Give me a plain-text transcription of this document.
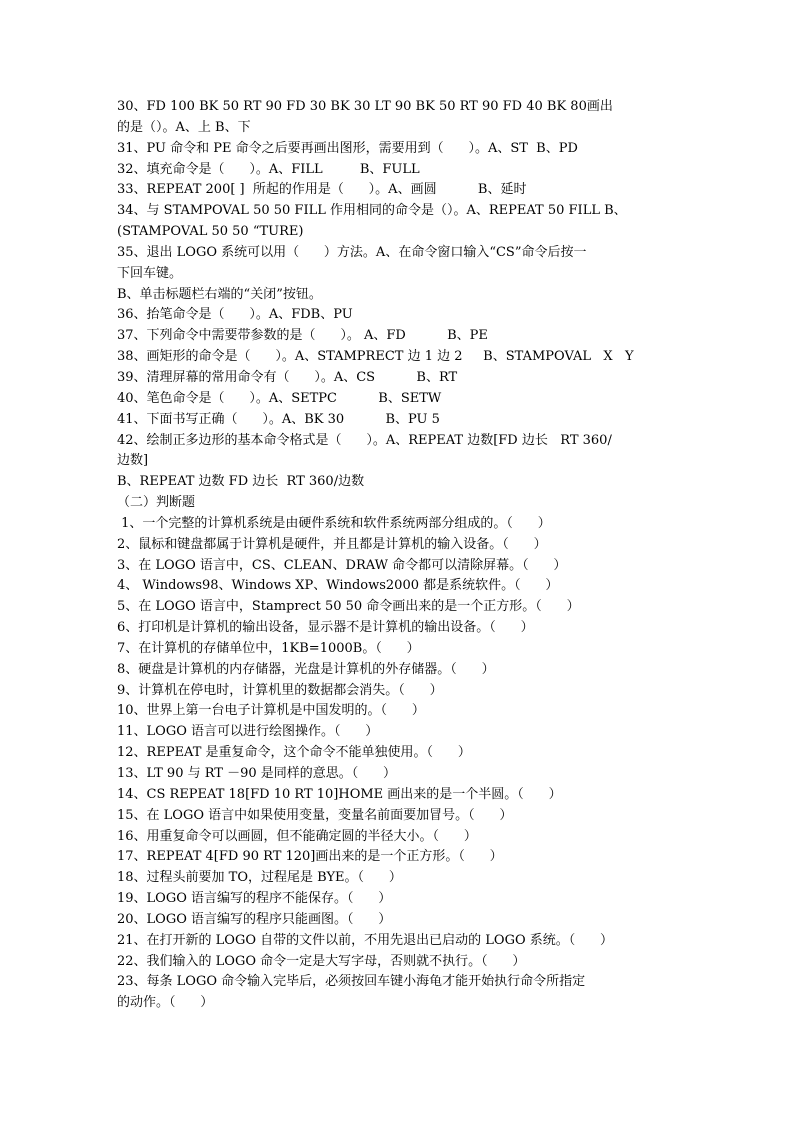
30、FD 100 BK 50 RT 90 FD 30 BK 30 LT 90 BK 50 RT 90 FD 40 BK 80画出
的是（）。A、上 B、下
31、PU 命令和 PE 命令之后要再画出图形，需要用到（      ）。A、ST  B、PD
32、填充命令是（      ）。A、FILL         B、FULL
33、REPEAT 200[ ]  所起的作用是（      ）。A、画圆          B、延时
34、与 STAMPOVAL 50 50 FILL 作用相同的命令是（）。A、REPEAT 50 FILL B、
(STAMPOVAL 50 50 “TURE)
35、退出 LOGO 系统可以用（      ）方法。A、在命令窗口输入“CS”命令后按一
下回车键。
B、单击标题栏右端的“关闭”按钮。
36、抬笔命令是（      ）。A、FDB、PU
37、下列命令中需要带参数的是（      ）。 A、FD          B、PE
38、画矩形的命令是（      ）。A、STAMPRECT 边 1 边 2     B、STAMPOVAL   X   Y
39、清理屏幕的常用命令有（      ）。A、CS          B、RT
40、笔色命令是（      ）。A、SETPC          B、SETW
41、下面书写正确（      ）。A、BK 30          B、PU 5
42、绘制正多边形的基本命令格式是（      ）。A、REPEAT 边数[FD 边长   RT 360/
边数]
B、REPEAT 边数 FD 边长  RT 360/边数
（二）判断题
1、一个完整的计算机系统是由硬件系统和软件系统两部分组成的。（      ）
2、鼠标和键盘都属于计算机是硬件，并且都是计算机的输入设备。（      ）
3、在 LOGO 语言中，CS、CLEAN、DRAW 命令都可以清除屏幕。（      ）
4、 Windows98、Windows XP、Windows2000 都是系统软件。（      ）
5、在 LOGO 语言中，Stamprect 50 50 命令画出来的是一个正方形。（      ）
6、打印机是计算机的输出设备，显示器不是计算机的输出设备。（      ）
7、在计算机的存储单位中，1KB=1000B。（      ）
8、硬盘是计算机的内存储器，光盘是计算机的外存储器。（      ）
9、计算机在停电时，计算机里的数据都会消失。（      ）
10、世界上第一台电子计算机是中国发明的。（      ）
11、LOGO 语言可以进行绘图操作。（      ）
12、REPEAT 是重复命令，这个命令不能单独使用。（      ）
13、LT 90 与 RT －90 是同样的意思。（      ）
14、CS REPEAT 18[FD 10 RT 10]HOME 画出来的是一个半圆。（      ）
15、在 LOGO 语言中如果使用变量，变量名前面要加冒号。（      ）
16、用重复命令可以画圆，但不能确定圆的半径大小。（      ）
17、REPEAT 4[FD 90 RT 120]画出来的是一个正方形。（      ）
18、过程头前要加 TO，过程尾是 BYE。（      ）
19、LOGO 语言编写的程序不能保存。（      ）
20、LOGO 语言编写的程序只能画图。（      ）
21、在打开新的 LOGO 自带的文件以前，不用先退出已启动的 LOGO 系统。（      ）
22、我们输入的 LOGO 命令一定是大写字母，否则就不执行。（      ）
23、每条 LOGO 命令输入完毕后，必须按回车键小海龟才能开始执行命令所指定
的动作。（      ）
